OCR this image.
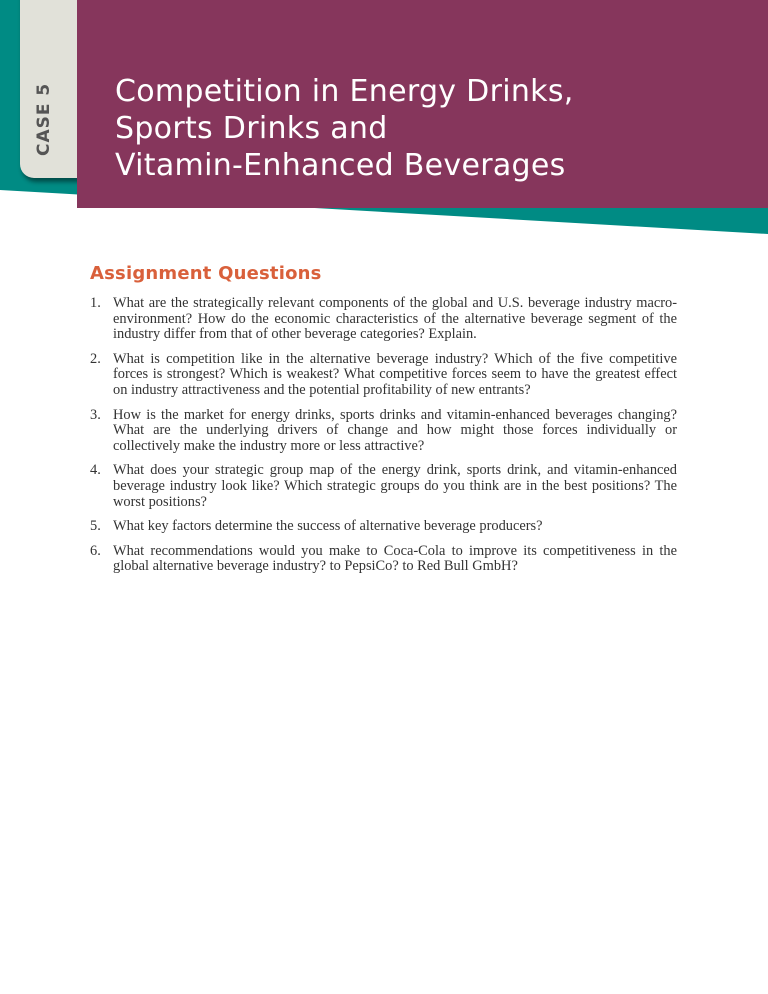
CASE 5 Competition in Energy Drinks,
Sports Drinks and
Vitamin-Enhanced Beverages
Assignment Questions
1. What are the strategically relevant components of the global and U.S. beverage industry macro-environment? How do the economic characteristics of the alternative beverage segment of the industry differ from that of other beverage categories? Explain.
2. What is competition like in the alternative beverage industry? Which of the five competitive forces is strongest? Which is weakest? What competitive forces seem to have the greatest effect on industry attractiveness and the potential profitability of new entrants?
3. How is the market for energy drinks, sports drinks and vitamin-enhanced beverages changing? What are the underlying drivers of change and how might those forces individually or collectively make the industry more or less attractive?
4. What does your strategic group map of the energy drink, sports drink, and vitamin-enhanced beverage industry look like? Which strategic groups do you think are in the best positions? The worst positions?
5. What key factors determine the success of alternative beverage producers?
6. What recommendations would you make to Coca-Cola to improve its competitiveness in the global alternative beverage industry? to PepsiCo? to Red Bull GmbH?
